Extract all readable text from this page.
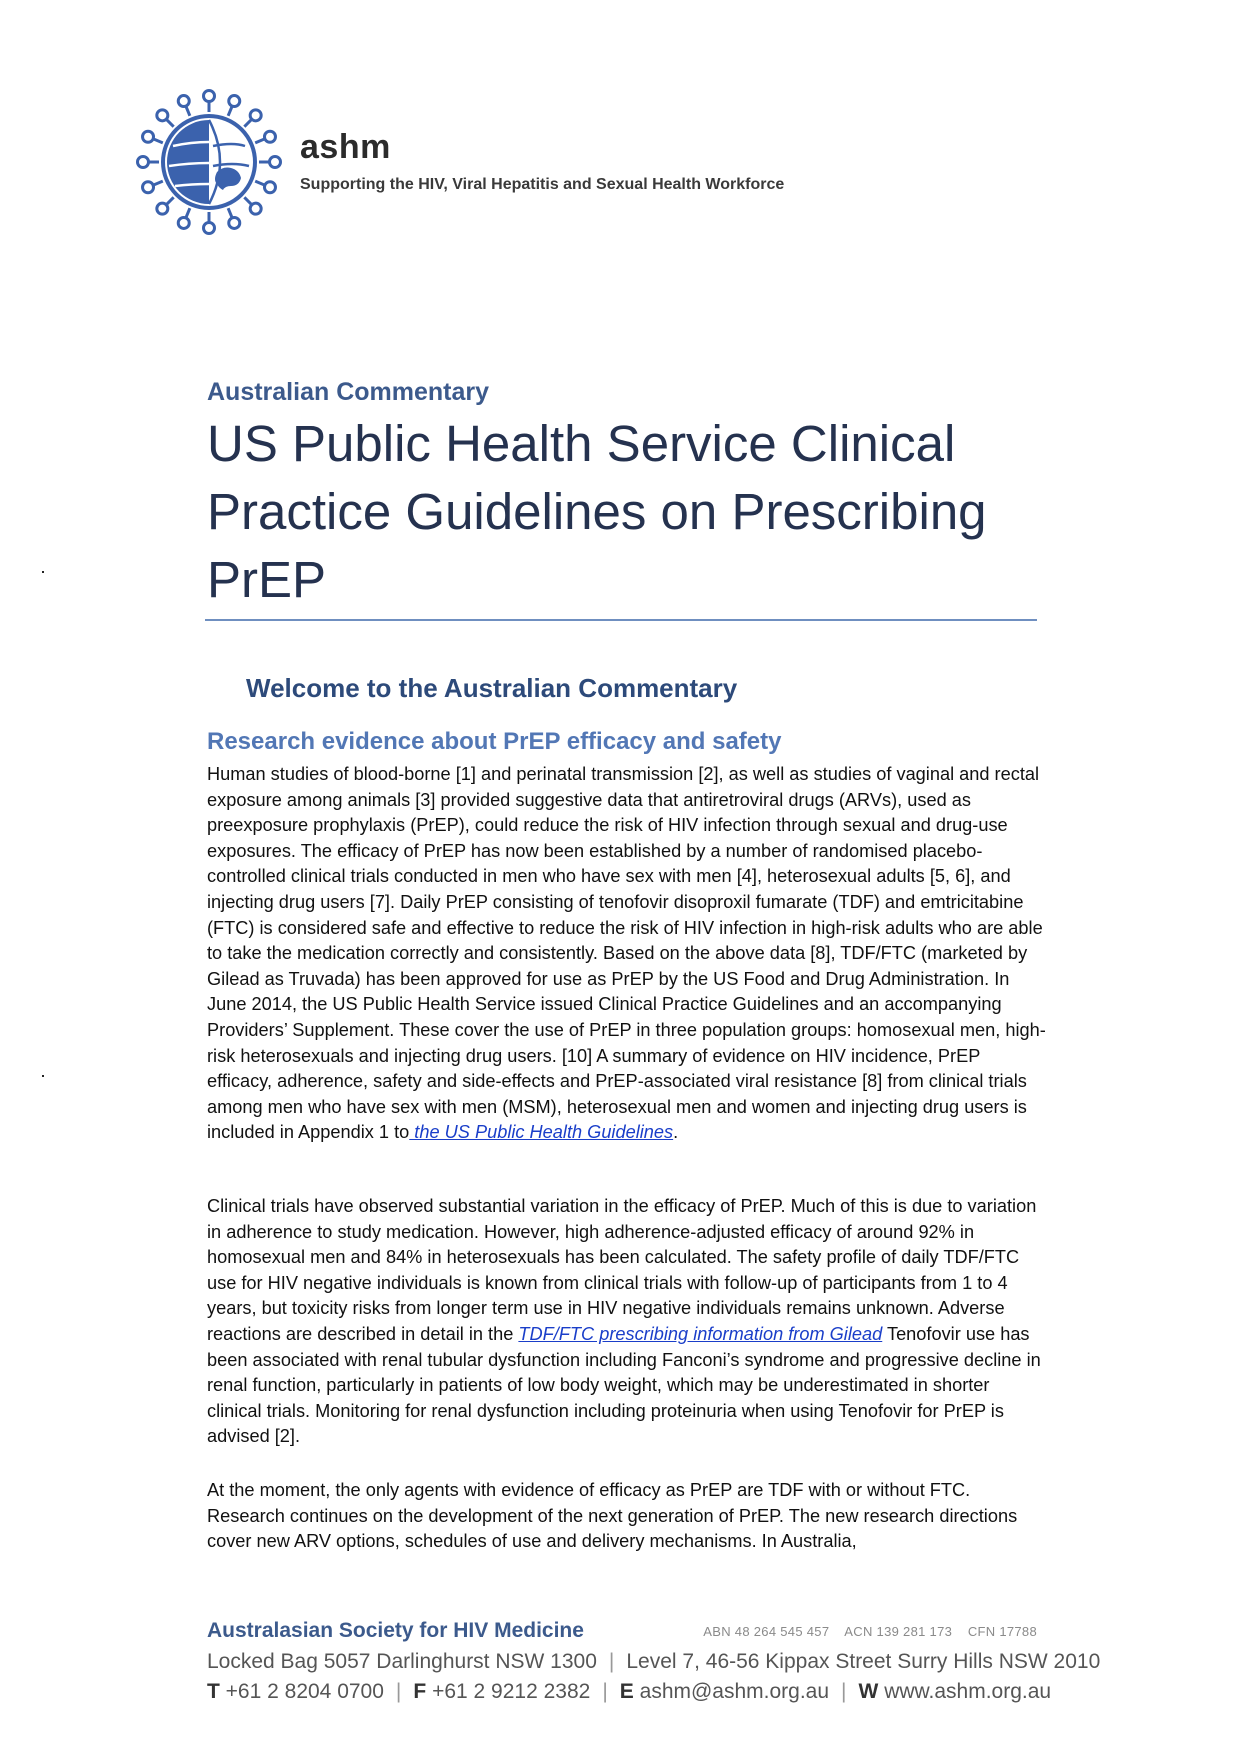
ashm
Supporting the HIV, Viral Hepatitis and Sexual Health Workforce
Australian Commentary
US Public Health Service Clinical
Practice Guidelines on Prescribing
PrEP
Welcome to the Australian Commentary
Research evidence about PrEP efficacy and safety

Human studies of blood-borne [1] and perinatal transmission [2], as well as studies of vaginal and rectal exposure among animals [3] provided suggestive data that antiretroviral drugs (ARVs), used as preexposure prophylaxis (PrEP), could reduce the risk of HIV infection through sexual and drug-use exposures. The efficacy of PrEP has now been established by a number of randomised placebo-controlled clinical trials conducted in men who have sex with men [4], heterosexual adults [5, 6], and injecting drug users [7]. Daily PrEP consisting of tenofovir disoproxil fumarate (TDF) and emtricitabine (FTC) is considered safe and effective to reduce the risk of HIV infection in high-risk adults who are able to take the medication correctly and consistently. Based on the above data [8], TDF/FTC (marketed by Gilead as Truvada) has been approved for use as PrEP by the US Food and Drug Administration. In June 2014, the US Public Health Service issued Clinical Practice Guidelines and an accompanying Providers’ Supplement. These cover the use of PrEP in three population groups: homosexual men, high-risk heterosexuals and injecting drug users. [10] A summary of evidence on HIV incidence, PrEP efficacy, adherence, safety and side-effects and PrEP-associated viral resistance [8] from clinical trials among men who have sex with men (MSM), heterosexual men and women and injecting drug users is included in Appendix 1 to the US Public Health Guidelines.

Clinical trials have observed substantial variation in the efficacy of PrEP. Much of this is due to variation in adherence to study medication. However, high adherence-adjusted efficacy of around 92% in homosexual men and 84% in heterosexuals has been calculated. The safety profile of daily TDF/FTC use for HIV negative individuals is known from clinical trials with follow-up of participants from 1 to 4 years, but toxicity risks from longer term use in HIV negative individuals remains unknown. Adverse reactions are described in detail in the TDF/FTC prescribing information from Gilead Tenofovir use has been associated with renal tubular dysfunction including Fanconi’s syndrome and progressive decline in renal function, particularly in patients of low body weight, which may be underestimated in shorter clinical trials. Monitoring for renal dysfunction including proteinuria when using Tenofovir for PrEP is advised [2].

At the moment, the only agents with evidence of efficacy as PrEP are TDF with or without FTC. Research continues on the development of the next generation of PrEP. The new research directions cover new ARV options, schedules of use and delivery mechanisms. In Australia,

Australasian Society for HIV Medicine	ABN 48 264 545 457 ACN 139 281 173 CFN 17788
Locked Bag 5057 Darlinghurst NSW 1300 | Level 7, 46-56 Kippax Street Surry Hills NSW 2010
T +61 2 8204 0700 | F +61 2 9212 2382 | E ashm@ashm.org.au | W www.ashm.org.au
